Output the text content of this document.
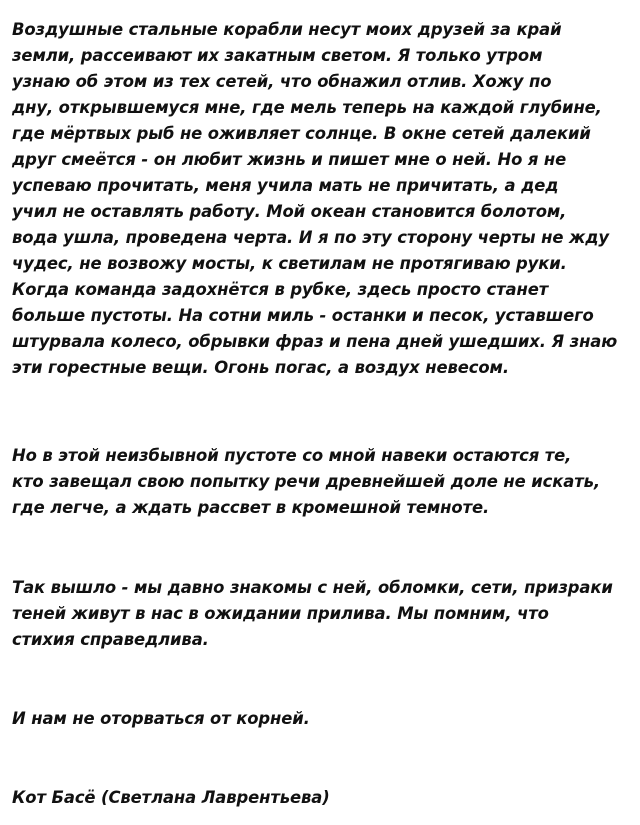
Воздушные стальные корабли несут моих друзей за край
земли, рассеивают их закатным светом. Я только утром
узнаю об этом из тех сетей, что обнажил отлив. Хожу по
дну, открывшемуся мне, где мель теперь на каждой глубине,
где мёртвых рыб не оживляет солнце. В окне сетей далекий
друг смеётся - он любит жизнь и пишет мне о ней. Но я не
успеваю прочитать, меня учила мать не причитать, а дед
учил не оставлять работу. Мой океан становится болотом,
вода ушла, проведена черта. И я по эту сторону черты не жду
чудес, не возвожу мосты, к светилам не протягиваю руки.
Когда команда задохнётся в рубке, здесь просто станет
больше пустоты. На сотни миль - останки и песок, уставшего
штурвала колесо, обрывки фраз и пена дней ушедших. Я знаю
эти горестные вещи. Огонь погас, а воздух невесом.
Но в этой неизбывной пустоте со мной навеки остаются те,
кто завещал свою попытку речи древнейшей доле не искать,
где легче, а ждать рассвет в кромешной темноте.
Так вышло - мы давно знакомы с ней, обломки, сети, призраки
теней живут в нас в ожидании прилива. Мы помним, что
стихия справедлива.
И нам не оторваться от корней.
Кот Басё (Светлана Лаврентьева)
